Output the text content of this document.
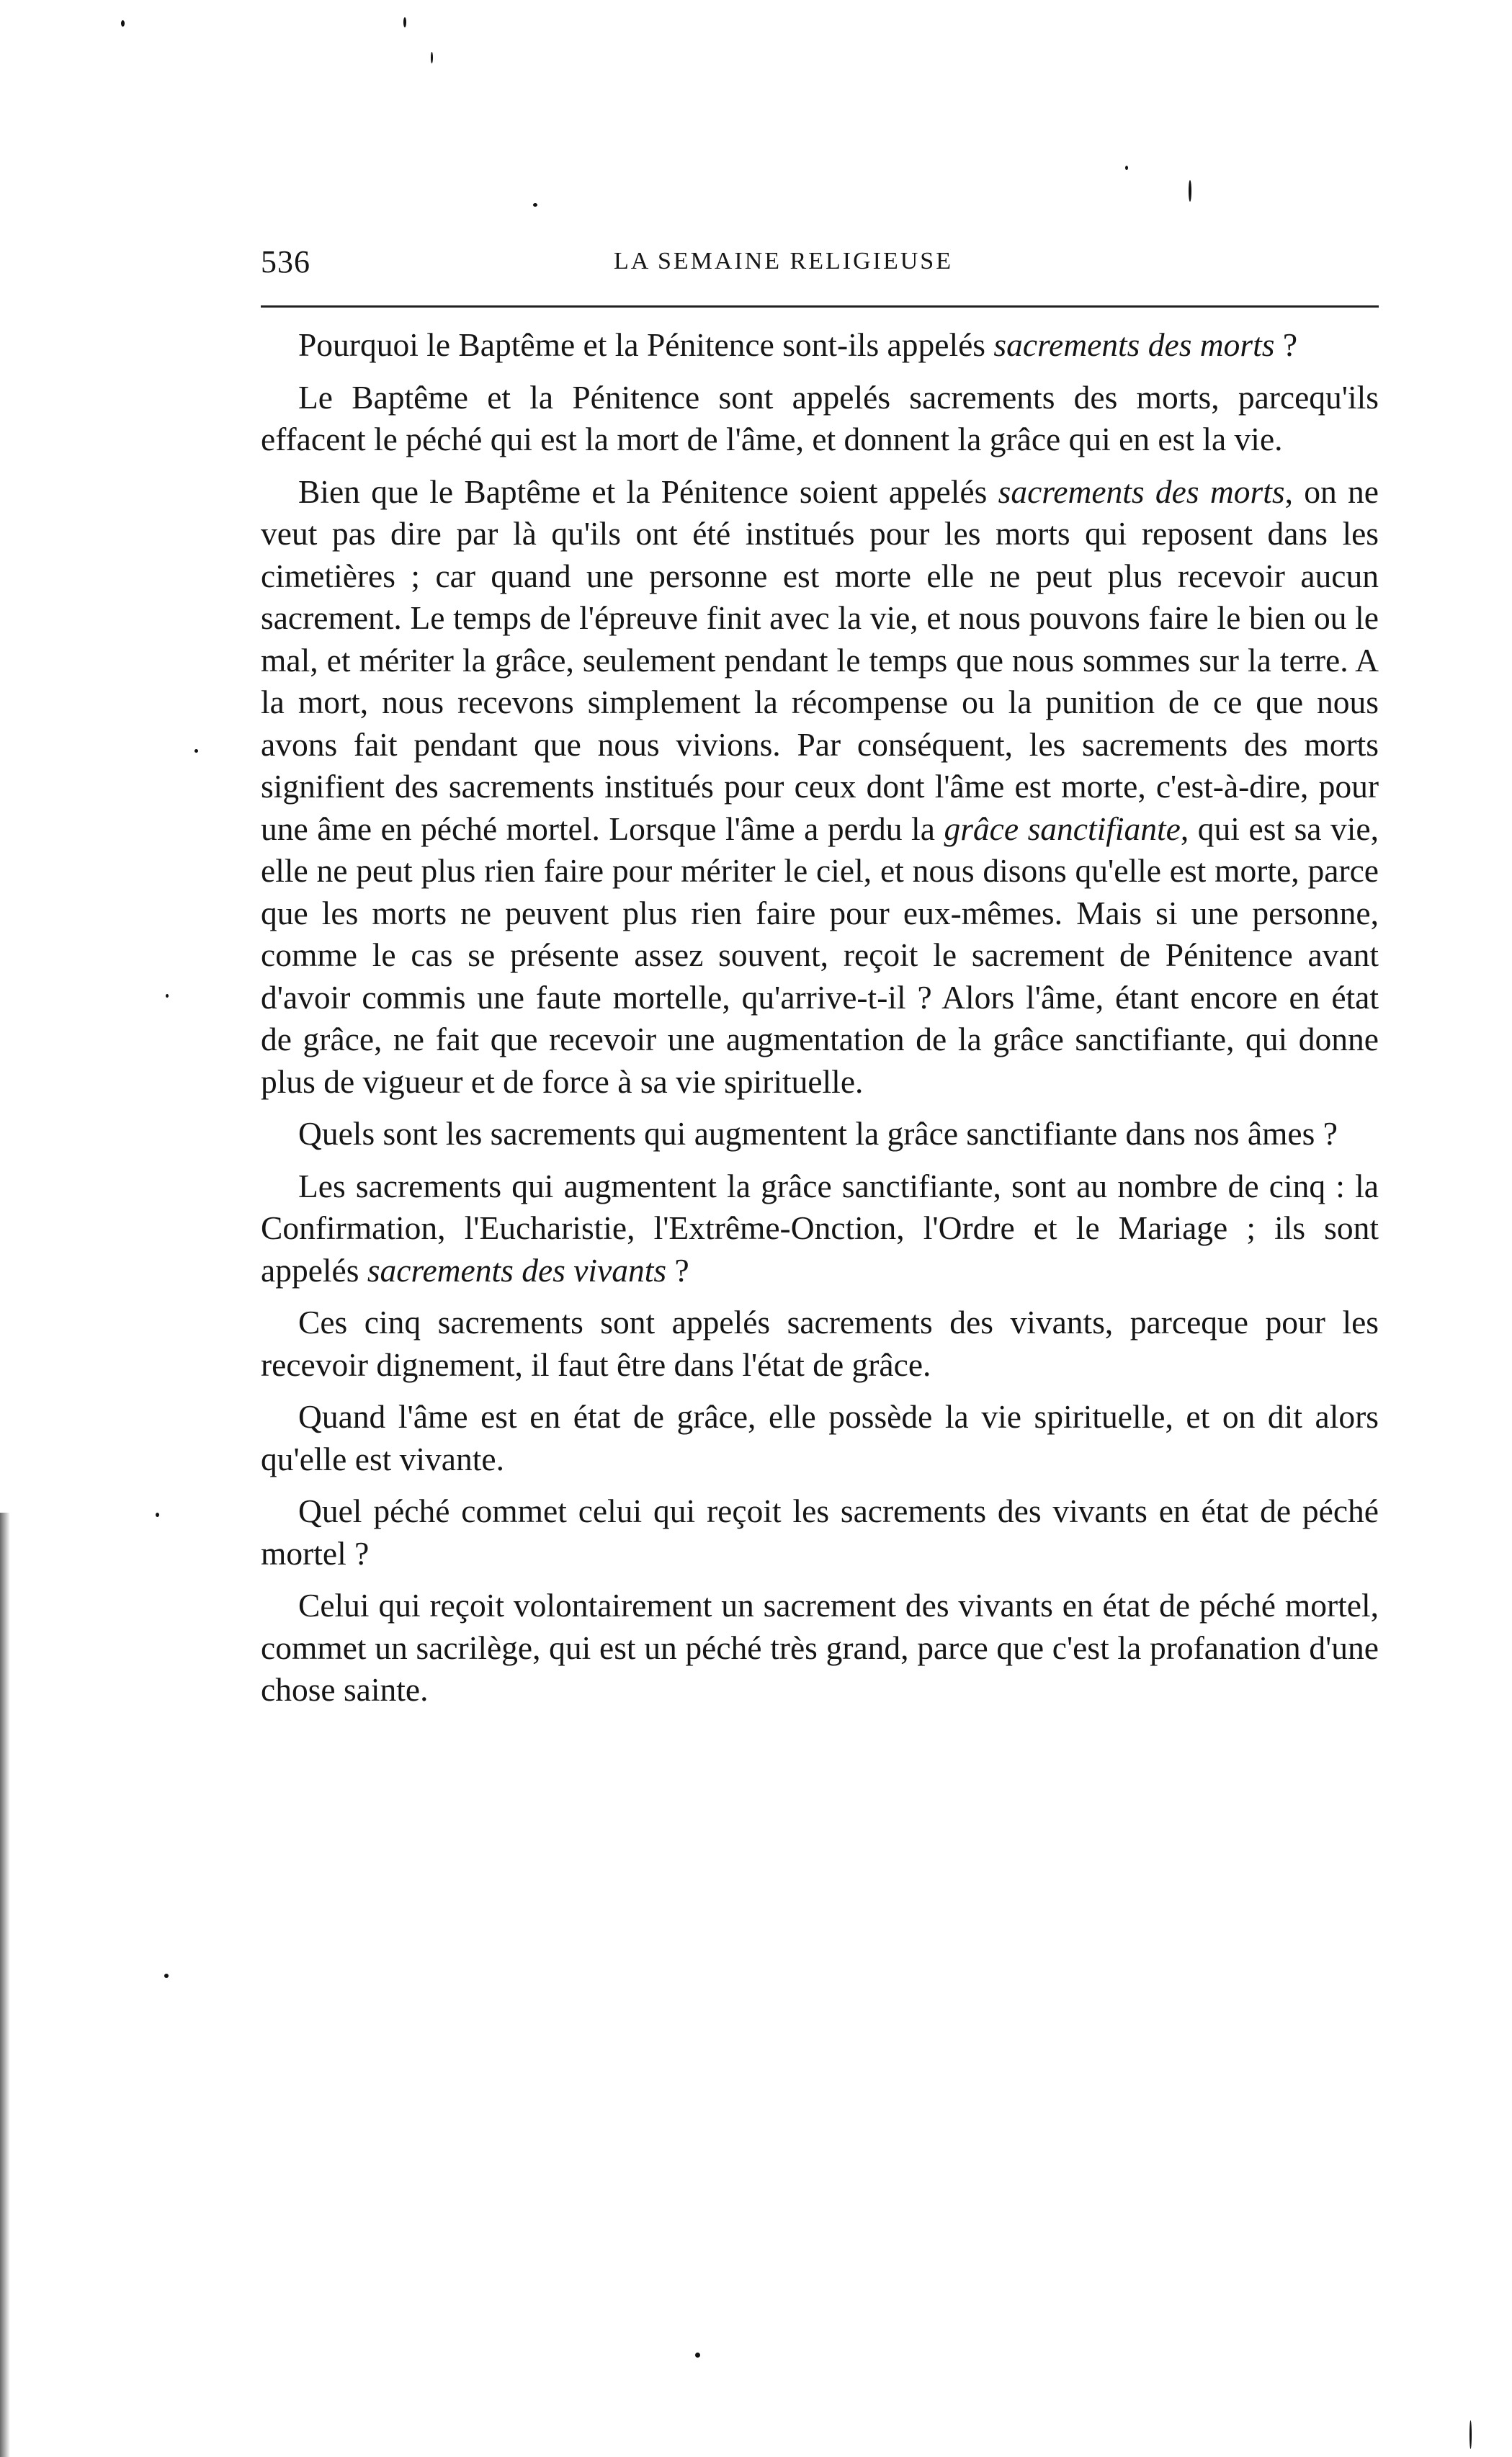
536	LA SEMAINE RELIGIEUSE

Pourquoi le Baptême et la Pénitence sont-ils appelés sacrements des morts ?

Le Baptême et la Pénitence sont appelés sacrements des morts, parcequ'ils effacent le péché qui est la mort de l'âme, et donnent la grâce qui en est la vie.

Bien que le Baptême et la Pénitence soient appelés sacrements des morts, on ne veut pas dire par là qu'ils ont été institués pour les morts qui reposent dans les cimetières ; car quand une personne est morte elle ne peut plus recevoir aucun sacrement. Le temps de l'épreuve finit avec la vie, et nous pouvons faire le bien ou le mal, et mériter la grâce, seulement pendant le temps que nous sommes sur la terre. A la mort, nous recevons simplement la récompense ou la punition de ce que nous avons fait pendant que nous vivions. Par conséquent, les sacrements des morts signifient des sacrements institués pour ceux dont l'âme est morte, c'est-à-dire, pour une âme en péché mortel. Lorsque l'âme a perdu la grâce sanctifiante, qui est sa vie, elle ne peut plus rien faire pour mériter le ciel, et nous disons qu'elle est morte, parce que les morts ne peuvent plus rien faire pour eux-mêmes. Mais si une personne, comme le cas se présente assez souvent, reçoit le sacrement de Pénitence avant d'avoir commis une faute mortelle, qu'arrive-t-il ? Alors l'âme, étant encore en état de grâce, ne fait que recevoir une augmentation de la grâce sanctifiante, qui donne plus de vigueur et de force à sa vie spirituelle.

Quels sont les sacrements qui augmentent la grâce sanctifiante dans nos âmes ?

Les sacrements qui augmentent la grâce sanctifiante, sont au nombre de cinq : la Confirmation, l'Eucharistie, l'Extrême-Onction, l'Ordre et le Mariage ; ils sont appelés sacrements des vivants ?

Ces cinq sacrements sont appelés sacrements des vivants, parceque pour les recevoir dignement, il faut être dans l'état de grâce.

Quand l'âme est en état de grâce, elle possède la vie spirituelle, et on dit alors qu'elle est vivante.

Quel péché commet celui qui reçoit les sacrements des vivants en état de péché mortel ?

Celui qui reçoit volontairement un sacrement des vivants en état de péché mortel, commet un sacrilège, qui est un péché très grand, parce que c'est la profanation d'une chose sainte.
